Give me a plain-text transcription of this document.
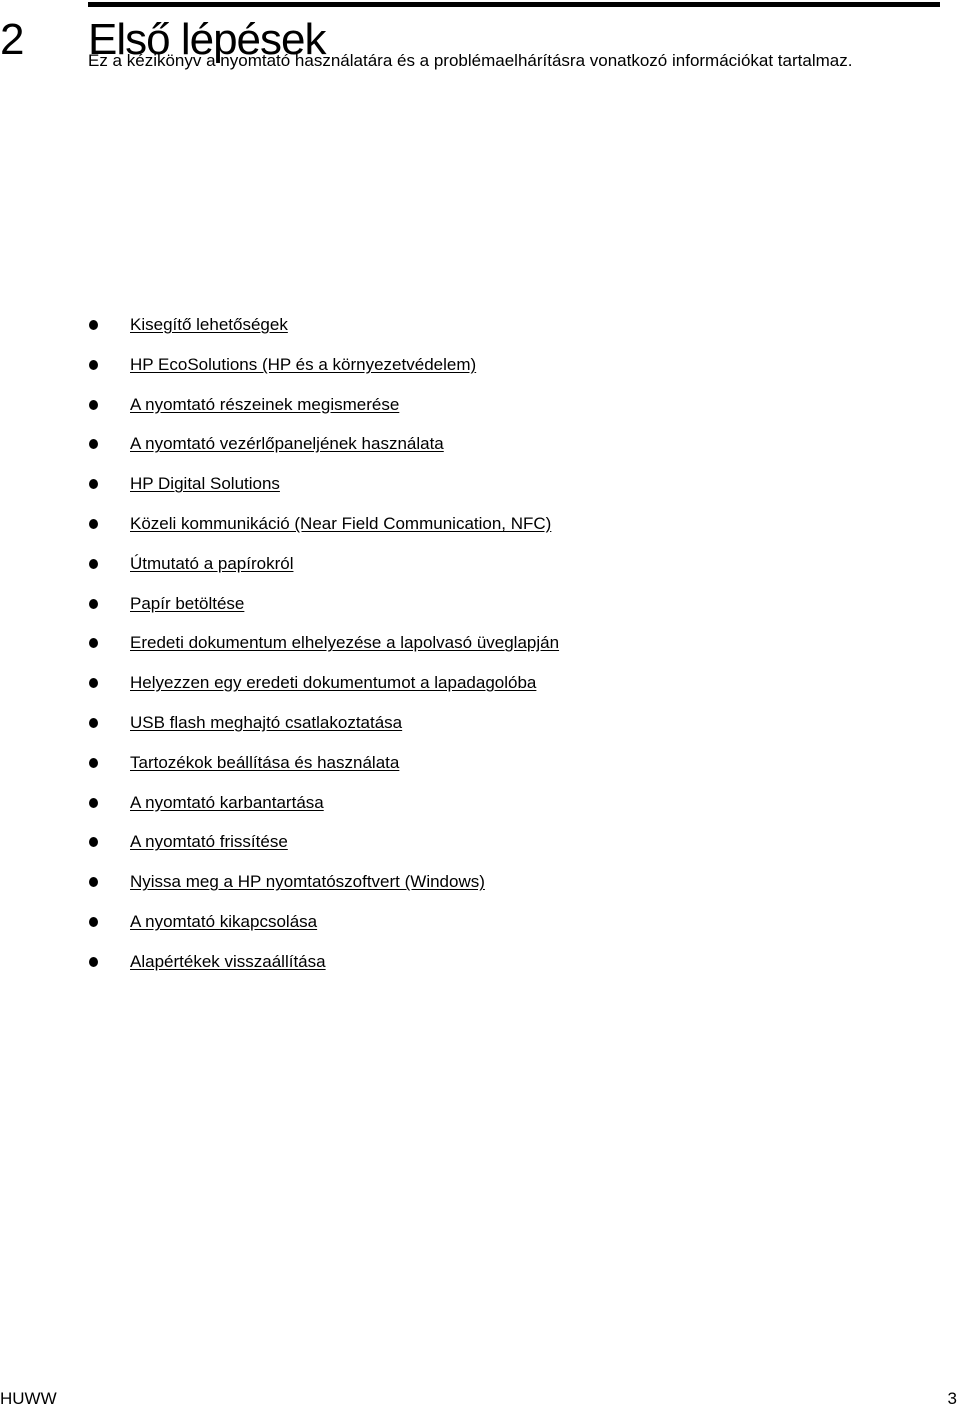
2 Első lépések

Ez a kézikönyv a nyomtató használatára és a problémaelhárításra vonatkozó információkat tartalmaz.

Kisegítő lehetőségek
HP EcoSolutions (HP és a környezetvédelem)
A nyomtató részeinek megismerése
A nyomtató vezérlőpaneljének használata
HP Digital Solutions
Közeli kommunikáció (Near Field Communication, NFC)
Útmutató a papírokról
Papír betöltése
Eredeti dokumentum elhelyezése a lapolvasó üveglapján
Helyezzen egy eredeti dokumentumot a lapadagolóba
USB flash meghajtó csatlakoztatása
Tartozékok beállítása és használata
A nyomtató karbantartása
A nyomtató frissítése
Nyissa meg a HP nyomtatószoftvert (Windows)
A nyomtató kikapcsolása
Alapértékek visszaállítása
HUWW	3
